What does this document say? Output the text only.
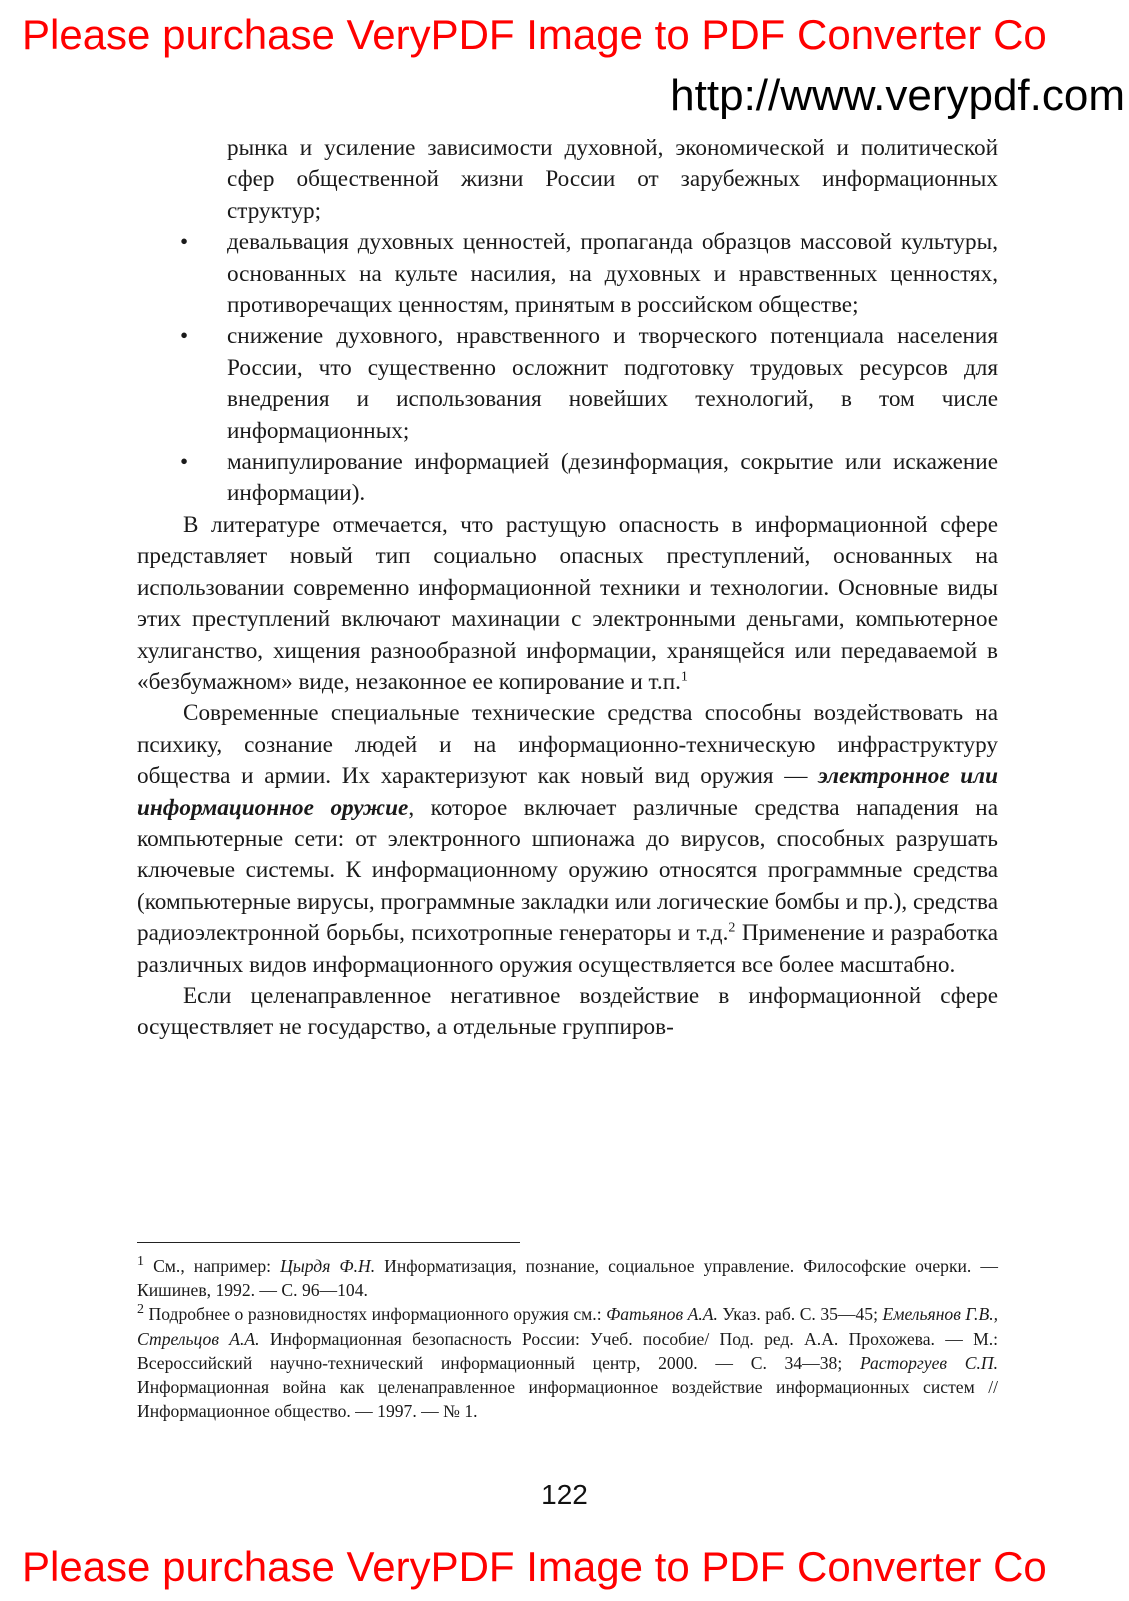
Please purchase VeryPDF Image to PDF Converter Co
http://www.verypdf.com

рынка и усиление зависимости духовной, экономической и политической сфер общественной жизни России от зарубежных информационных структур;

• девальвация духовных ценностей, пропаганда образцов массовой культуры, основанных на культе насилия, на духовных и нравственных ценностях, противоречащих ценностям, принятым в российском обществе;

• снижение духовного, нравственного и творческого потенциала населения России, что существенно осложнит подготовку трудовых ресурсов для внедрения и использования новейших технологий, в том числе информационных;

• манипулирование информацией (дезинформация, сокрытие или искажение информации).

В литературе отмечается, что растущую опасность в информационной сфере представляет новый тип социально опасных преступлений, основанных на использовании современно информационной техники и технологии. Основные виды этих преступлений включают махинации с электронными деньгами, компьютерное хулиганство, хищения разнообразной информации, хранящейся или передаваемой в «безбумажном» виде, незаконное ее копирование и т.п.$^1$

Современные специальные технические средства способны воздействовать на психику, сознание людей и на информационно-техническую инфраструктуру общества и армии. Их характеризуют как новый вид оружия — электронное или информационное оружие, которое включает различные средства нападения на компьютерные сети: от электронного шпионажа до вирусов, способных разрушать ключевые системы. К информационному оружию относятся программные средства (компьютерные вирусы, программные закладки или логические бомбы и пр.), средства радиоэлектронной борьбы, психотропные генераторы и т.д.$^2$ Применение и разработка различных видов информационного оружия осуществляется все более масштабно.

Если целенаправленное негативное воздействие в информационной сфере осуществляет не государство, а отдельные группиров-

$^1$ См., например: Цырдя Ф.Н. Информатизация, познание, социальное управление. Философские очерки. — Кишинев, 1992. — С. 96—104.

$^2$ Подробнее о разновидностях информационного оружия см.: Фатьянов А.А. Указ. раб. С. 35—45; Емельянов Г.В., Стрельцов А.А. Информационная безопасность России: Учеб. пособие/ Под. ред. А.А. Прохожева. — М.: Всероссийский научно-технический информационный центр, 2000. — С. 34—38; Расторгуев С.П. Информационная война как целенаправленное информационное воздействие информационных систем // Информационное общество. — 1997. — № 1.

122
Please purchase VeryPDF Image to PDF Converter Co
